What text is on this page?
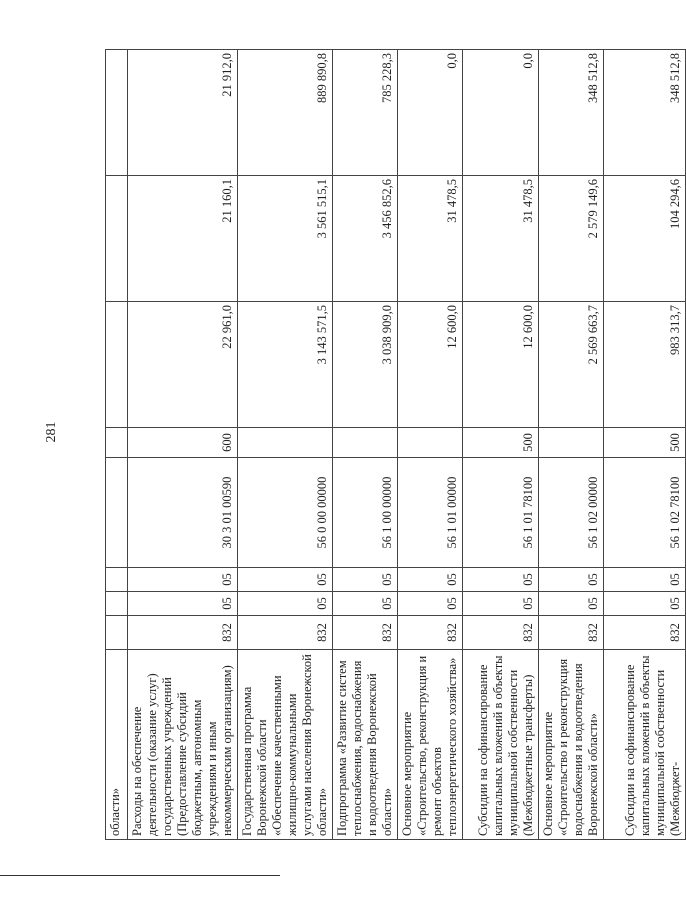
281
области»								
Расходы на обеспечение деятельности (оказание услуг) государственных учреждений (Предоставление субсидий бюджетным, автономным учреждениям и иным некоммерческим организациям)	832	05	05	30 3 01 00590	600	22 961,0	21 160,1	21 912,0
Государственная программа Воронежской области «Обеспечение качественными жилищно-коммунальными услугами населения Воронежской области»	832	05	05	56 0 00 00000		3 143 571,5	3 561 515,1	889 890,8
Подпрограмма «Развитие систем теплоснабжения, водоснабжения и водоотведения Воронежской области»	832	05	05	56 1 00 00000		3 038 909,0	3 456 852,6	785 228,3
Основное мероприятие «Строительство, реконструкция и ремонт объектов теплоэнергетического хозяйства»	832	05	05	56 1 01 00000		12 600,0	31 478,5	0,0
Субсидии на софинансирование капитальных вложений в объекты муниципальной собственности (Межбюджетные трансферты)	832	05	05	56 1 01 78100	500	12 600,0	31 478,5	0,0
Основное мероприятие «Строительство и реконструкция водоснабжения и водоотведения Воронежской области»	832	05	05	56 1 02 00000		2 569 663,7	2 579 149,6	348 512,8
Субсидии на софинансирование капитальных вложений в объекты муниципальной собственности (Межбюджет-	832	05	05	56 1 02 78100	500	983 313,7	104 294,6	348 512,8
